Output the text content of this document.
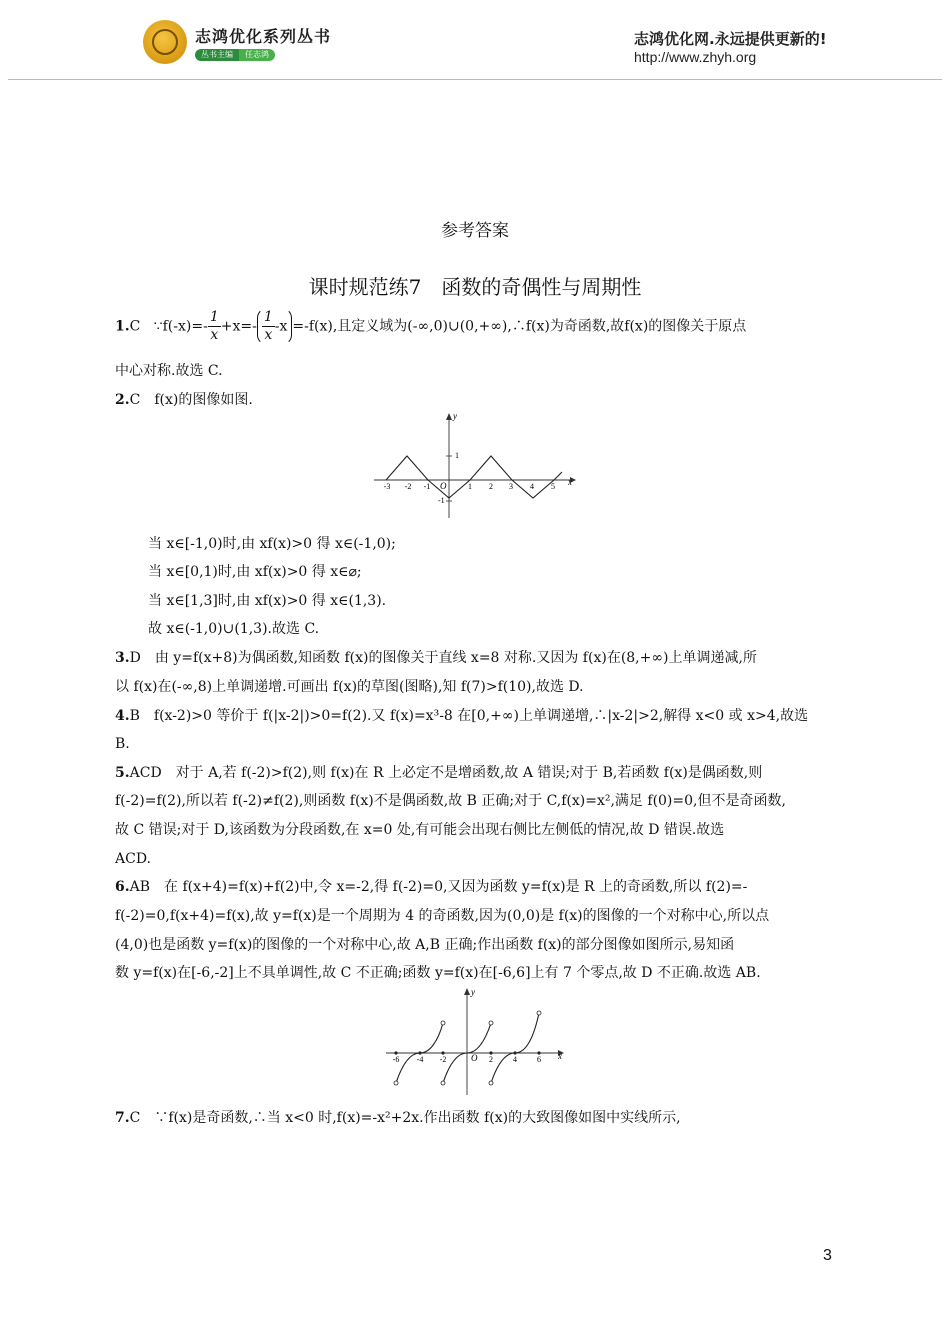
志鸿优化系列丛书
丛书主编	任志鸿
志鸿优化网.永远提供更新的!
http://www.zhyh.org
参考答案
课时规范练7　函数的奇偶性与周期性
1.C ∵f(-x)=- $\frac{1}{x} +x=- \frac{1}{x} -x =-f(x)$,且定义域为(-∞,0)∪(0,+∞),∴f(x)为奇函数,故f(x)的图像关于原点
中心对称.故选 C.
2.C　f(x)的图像如图.
x
y
O
-3 -2 -1	1 2 3 4 5
1
-1
当 x∈[-1,0)时,由 xf(x)>0 得 x∈(-1,0);
当 x∈[0,1)时,由 xf(x)>0 得 x∈⌀;
当 x∈[1,3]时,由 xf(x)>0 得 x∈(1,3).
故 x∈(-1,0)∪(1,3).故选 C.
3.D　由 y=f(x+8)为偶函数,知函数 f(x)的图像关于直线 x=8 对称.又因为 f(x)在(8,+∞)上单调递减,所
以 f(x)在(-∞,8)上单调递增.可画出 f(x)的草图(图略),知 f(7)>f(10),故选 D.
4.B　f(x-2)>0 等价于 f(|x-2|)>0=f(2).又 f(x)=x³-8 在[0,+∞)上单调递增,∴|x-2|>2,解得 x<0 或 x>4,故选
B.
5.ACD　对于 A,若 f(-2)>f(2),则 f(x)在 R 上必定不是增函数,故 A 错误;对于 B,若函数 f(x)是偶函数,则
f(-2)=f(2),所以若 f(-2)≠f(2),则函数 f(x)不是偶函数,故 B 正确;对于 C,f(x)=x²,满足 f(0)=0,但不是奇函数,
故 C 错误;对于 D,该函数为分段函数,在 x=0 处,有可能会出现右侧比左侧低的情况,故 D 错误.故选
ACD.
6.AB　在 f(x+4)=f(x)+f(2)中,令 x=-2,得 f(-2)=0,又因为函数 y=f(x)是 R 上的奇函数,所以 f(2)=-
f(-2)=0,f(x+4)=f(x),故 y=f(x)是一个周期为 4 的奇函数,因为(0,0)是 f(x)的图像的一个对称中心,所以点
(4,0)也是函数 y=f(x)的图像的一个对称中心,故 A,B 正确;作出函数 f(x)的部分图像如图所示,易知函
数 y=f(x)在[-6,-2]上不具单调性,故 C 不正确;函数 y=f(x)在[-6,6]上有 7 个零点,故 D 不正确.故选 AB.
x
y
O
-6 -4 -2	2	4	6
7.C　∵f(x)是奇函数,∴当 x<0 时,f(x)=-x²+2x.作出函数 f(x)的大致图像如图中实线所示,
3
